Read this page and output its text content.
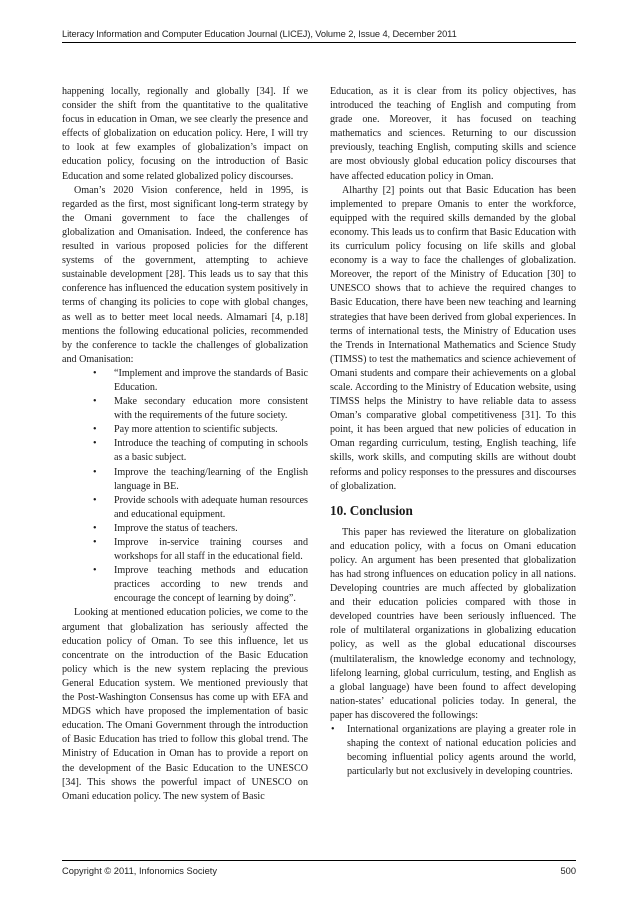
Literacy Information and Computer Education Journal (LICEJ), Volume 2, Issue 4, December 2011

happening locally, regionally and globally [34]. If we consider the shift from the quantitative to the qualitative focus in education in Oman, we see clearly the presence and effects of globalization on education policy. Here, I will try to look at few examples of globalization’s impact on education policy, focusing on the introduction of Basic Education and some related globalized policy discourses.

Oman’s 2020 Vision conference, held in 1995, is regarded as the first, most significant long-term strategy by the Omani government to face the challenges of globalization and Omanisation. Indeed, the conference has resulted in various proposed policies for the different systems of the government, attempting to achieve sustainable development [28]. This leads us to say that this conference has influenced the education system positively in terms of changing its policies to cope with global changes, as well as to better meet local needs. Almamari [4, p.18] mentions the following educational policies, recommended by the conference to tackle the challenges of globalization and Omanisation:

• “Implement and improve the standards of Basic Education.
• Make secondary education more consistent with the requirements of the future society.
• Pay more attention to scientific subjects.
• Introduce the teaching of computing in schools as a basic subject.
• Improve the teaching/learning of the English language in BE.
• Provide schools with adequate human resources and educational equipment.
• Improve the status of teachers.
• Improve in-service training courses and workshops for all staff in the educational field.
• Improve teaching methods and education practices according to new trends and encourage the concept of learning by doing”.

Looking at mentioned education policies, we come to the argument that globalization has seriously affected the education policy of Oman. To see this influence, let us concentrate on the introduction of the Basic Education policy which is the new system replacing the previous General Education system. We mentioned previously that the Post-Washington Consensus has come up with EFA and MDGS which have proposed the implementation of basic education. The Omani Government through the introduction of Basic Education has tried to follow this global trend. The Ministry of Education in Oman has to provide a report on the development of the Basic Education to the UNESCO [34]. This shows the powerful impact of UNESCO on Omani education policy. The new system of Basic

Education, as it is clear from its policy objectives, has introduced the teaching of English and computing from grade one. Moreover, it has focused on teaching mathematics and sciences. Returning to our discussion previously, teaching English, computing skills and science are most obviously global education policy discourses that have affected education policy in Oman.

Alharthy [2] points out that Basic Education has been implemented to prepare Omanis to enter the workforce, equipped with the required skills demanded by the global economy. This leads us to confirm that Basic Education with its curriculum policy focusing on life skills and global economy is a way to face the challenges of globalization. Moreover, the report of the Ministry of Education [30] to UNESCO shows that to achieve the required changes to Basic Education, there have been new teaching and learning strategies that have been derived from global experiences. In terms of international tests, the Ministry of Education uses the Trends in International Mathematics and Science Study (TIMSS) to test the mathematics and science achievement of Omani students and compare their achievements on a global scale. According to the Ministry of Education website, using TIMSS helps the Ministry to have reliable data to assess Oman’s comparative global competitiveness [31]. To this point, it has been argued that new policies of education in Oman regarding curriculum, testing, English teaching, life skills, work skills, and computing skills are without doubt reforms and policy responses to the pressures and discourses of globalization.

10. Conclusion

This paper has reviewed the literature on globalization and education policy, with a focus on Omani education policy. An argument has been presented that globalization has had strong influences on education policy in all nations. Developing countries are much affected by globalization and their education policies compared with those in developed countries have been seriously influenced. The role of multilateral organizations in globalizing education policy, as well as the global educational discourses (multilateralism, the knowledge economy and technology, lifelong learning, global curriculum, testing, and English as a global language) have been found to affect developing nation-states’ educational policies today. In general, the paper has discovered the followings:

• International organizations are playing a greater role in shaping the context of national education policies and becoming influential policy agents around the world, particularly but not exclusively in developing countries.
Copyright © 2011, Infonomics Society	500
